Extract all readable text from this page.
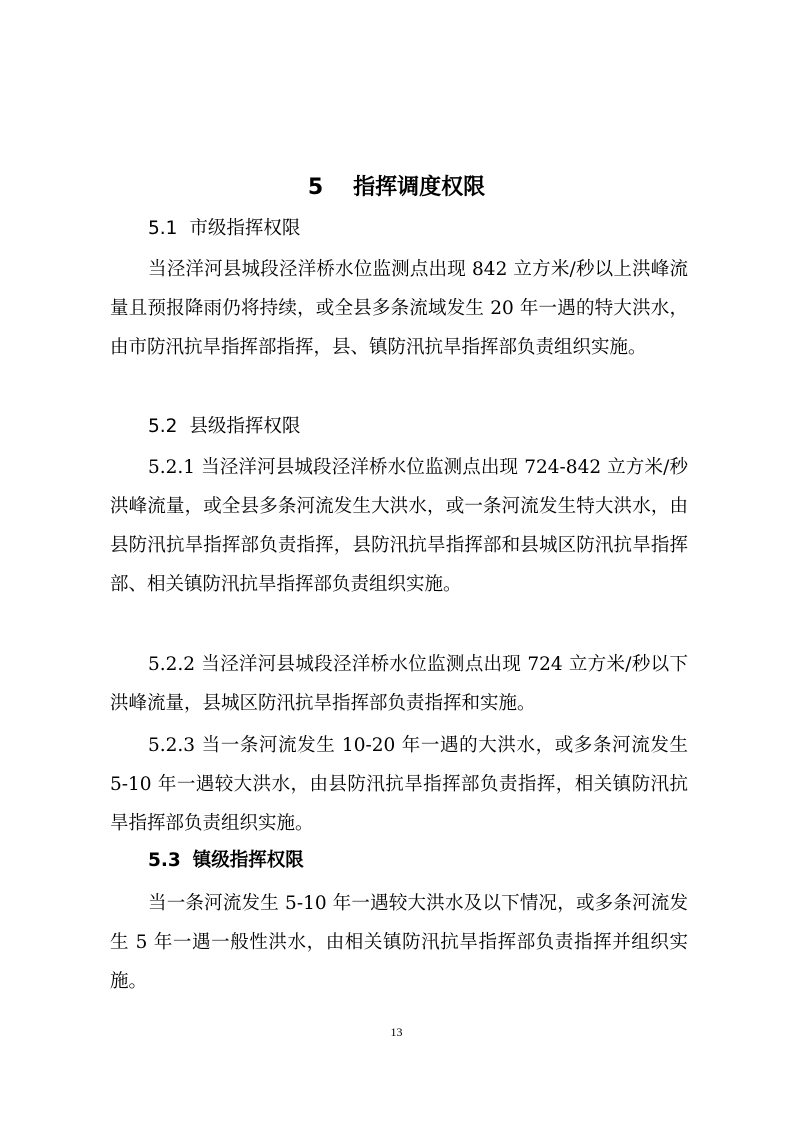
5 指挥调度权限
5.1 市级指挥权限

当泾洋河县城段泾洋桥水位监测点出现 842 立方米/秒以上洪峰流量且预报降雨仍将持续，或全县多条流域发生 20 年一遇的特大洪水，由市防汛抗旱指挥部指挥，县、镇防汛抗旱指挥部负责组织实施。

5.2 县级指挥权限

5.2.1 当泾洋河县城段泾洋桥水位监测点出现 724-842 立方米/秒洪峰流量，或全县多条河流发生大洪水，或一条河流发生特大洪水，由县防汛抗旱指挥部负责指挥，县防汛抗旱指挥部和县城区防汛抗旱指挥部、相关镇防汛抗旱指挥部负责组织实施。

5.2.2 当泾洋河县城段泾洋桥水位监测点出现 724 立方米/秒以下洪峰流量，县城区防汛抗旱指挥部负责指挥和实施。

5.2.3 当一条河流发生 10-20 年一遇的大洪水，或多条河流发生 5-10 年一遇较大洪水，由县防汛抗旱指挥部负责指挥，相关镇防汛抗旱指挥部负责组织实施。

5.3 镇级指挥权限

当一条河流发生 5-10 年一遇较大洪水及以下情况，或多条河流发生 5 年一遇一般性洪水，由相关镇防汛抗旱指挥部负责指挥并组织实施。

13
